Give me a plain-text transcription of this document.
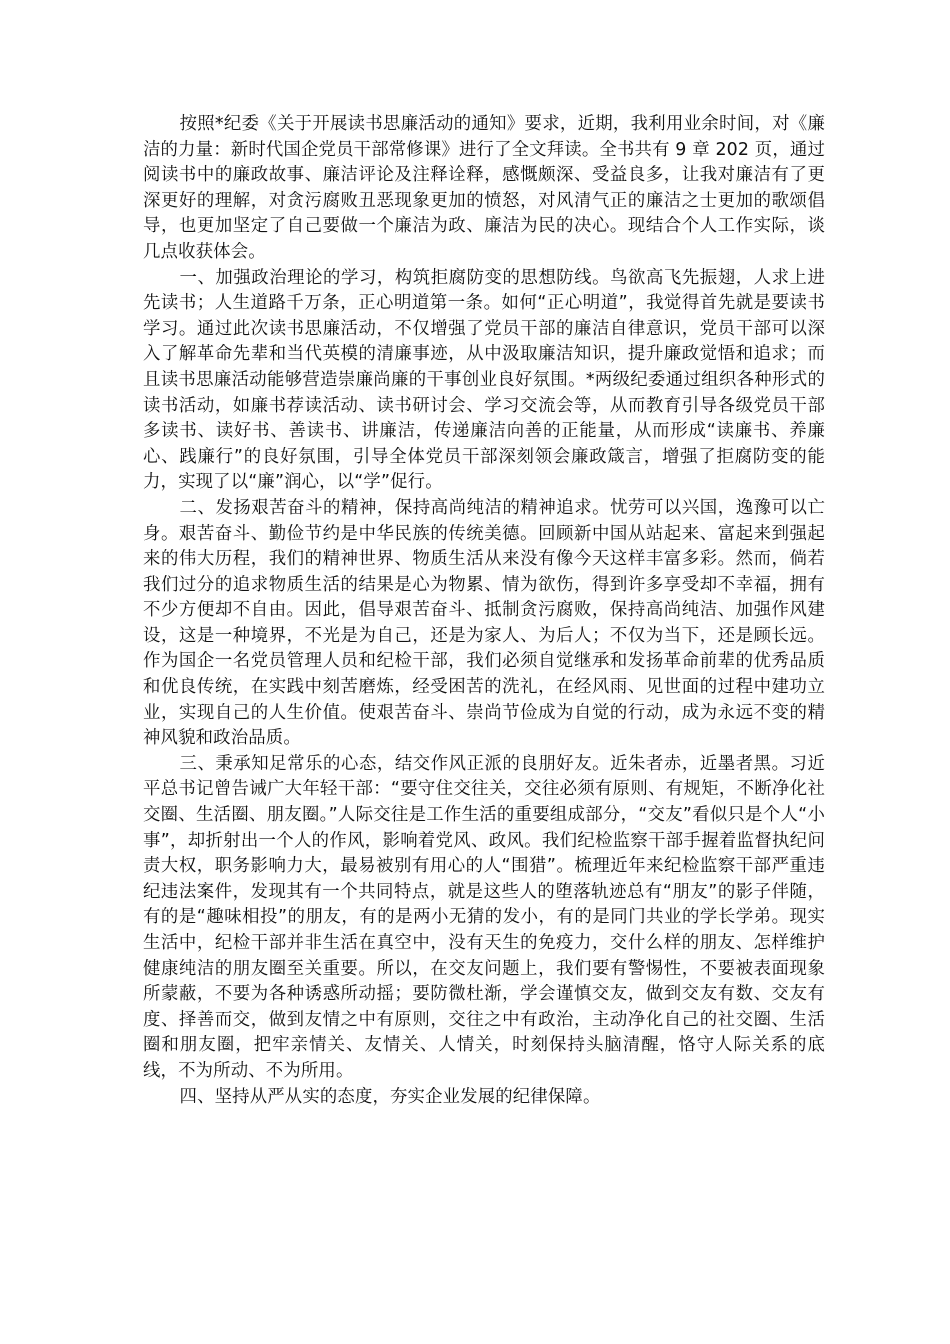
按照*纪委《关于开展读书思廉活动的通知》要求，近期，我利用业余时间，对《廉洁的力量：新时代国企党员干部常修课》进行了全文拜读。全书共有 9 章 202 页，通过阅读书中的廉政故事、廉洁评论及注释诠释，感慨颇深、受益良多，让我对廉洁有了更深更好的理解，对贪污腐败丑恶现象更加的愤怒，对风清气正的廉洁之士更加的歌颂倡导，也更加坚定了自己要做一个廉洁为政、廉洁为民的决心。现结合个人工作实际，谈几点收获体会。

一、加强政治理论的学习，构筑拒腐防变的思想防线。鸟欲高飞先振翅，人求上进先读书；人生道路千万条，正心明道第一条。如何“正心明道”，我觉得首先就是要读书学习。通过此次读书思廉活动，不仅增强了党员干部的廉洁自律意识，党员干部可以深入了解革命先辈和当代英模的清廉事迹，从中汲取廉洁知识，提升廉政觉悟和追求；而且读书思廉活动能够营造崇廉尚廉的干事创业良好氛围。*两级纪委通过组织各种形式的读书活动，如廉书荐读活动、读书研讨会、学习交流会等，从而教育引导各级党员干部多读书、读好书、善读书、讲廉洁，传递廉洁向善的正能量，从而形成“读廉书、养廉心、践廉行”的良好氛围，引导全体党员干部深刻领会廉政箴言，增强了拒腐防变的能力，实现了以“廉”润心，以“学”促行。

二、发扬艰苦奋斗的精神，保持高尚纯洁的精神追求。忧劳可以兴国，逸豫可以亡身。艰苦奋斗、勤俭节约是中华民族的传统美德。回顾新中国从站起来、富起来到强起来的伟大历程，我们的精神世界、物质生活从来没有像今天这样丰富多彩。然而，倘若我们过分的追求物质生活的结果是心为物累、情为欲伤，得到许多享受却不幸福，拥有不少方便却不自由。因此，倡导艰苦奋斗、抵制贪污腐败，保持高尚纯洁、加强作风建设，这是一种境界，不光是为自己，还是为家人、为后人；不仅为当下，还是顾长远。作为国企一名党员管理人员和纪检干部，我们必须自觉继承和发扬革命前辈的优秀品质和优良传统，在实践中刻苦磨炼，经受困苦的洗礼，在经风雨、见世面的过程中建功立业，实现自己的人生价值。使艰苦奋斗、崇尚节俭成为自觉的行动，成为永远不变的精神风貌和政治品质。

三、秉承知足常乐的心态，结交作风正派的良朋好友。近朱者赤，近墨者黑。习近平总书记曾告诫广大年轻干部：“要守住交往关，交往必须有原则、有规矩，不断净化社交圈、生活圈、朋友圈。”人际交往是工作生活的重要组成部分，“交友”看似只是个人“小事”，却折射出一个人的作风，影响着党风、政风。我们纪检监察干部手握着监督执纪问责大权，职务影响力大，最易被别有用心的人“围猎”。梳理近年来纪检监察干部严重违纪违法案件，发现其有一个共同特点，就是这些人的堕落轨迹总有“朋友”的影子伴随，有的是“趣味相投”的朋友，有的是两小无猜的发小，有的是同门共业的学长学弟。现实生活中，纪检干部并非生活在真空中，没有天生的免疫力，交什么样的朋友、怎样维护健康纯洁的朋友圈至关重要。所以，在交友问题上，我们要有警惕性，不要被表面现象所蒙蔽，不要为各种诱惑所动摇；要防微杜渐，学会谨慎交友，做到交友有数、交友有度、择善而交，做到友情之中有原则，交往之中有政治，主动净化自己的社交圈、生活圈和朋友圈，把牢亲情关、友情关、人情关，时刻保持头脑清醒，恪守人际关系的底线，不为所动、不为所用。

四、坚持从严从实的态度，夯实企业发展的纪律保障。
